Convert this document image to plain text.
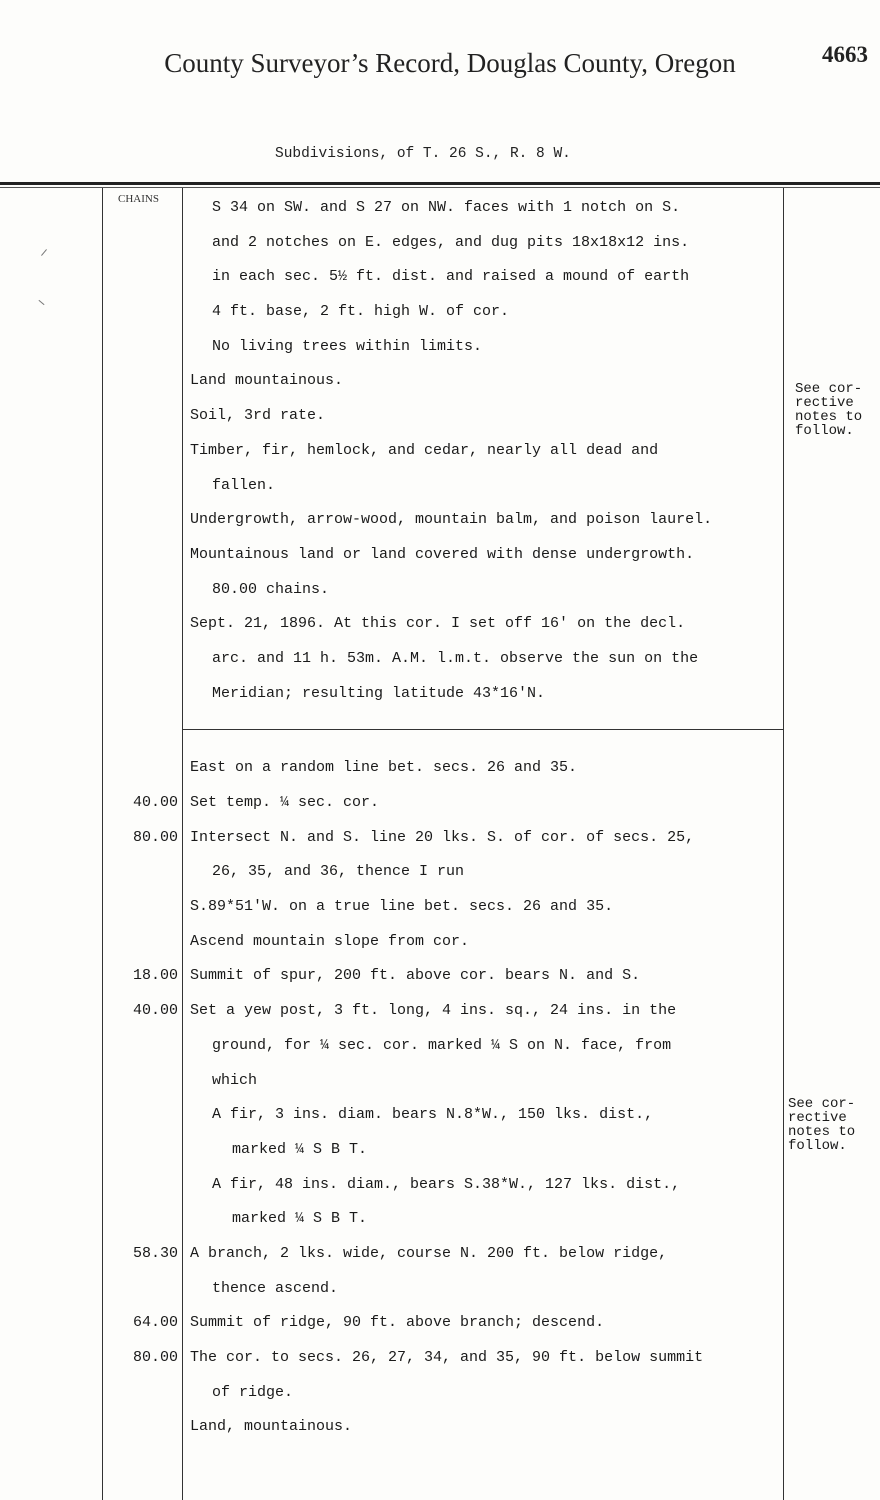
County Surveyor’s Record, Douglas County, Oregon	4663
Subdivisions, of T. 26 S., R. 8 W.
CHAINS	S 34 on SW. and S 27 on NW. faces with 1 notch on S.
and 2 notches on E. edges, and dug pits 18x18x12 ins.
in each sec. 5½ ft. dist. and raised a mound of earth
4 ft. base, 2 ft. high W. of cor.
No living trees within limits.
Land mountainous.
Soil, 3rd rate.
Timber, fir, hemlock, and cedar, nearly all dead and
fallen.
Undergrowth, arrow-wood, mountain balm, and poison laurel.
Mountainous land or land covered with dense undergrowth.
80.00 chains.
Sept. 21, 1896. At this cor. I set off 16' on the decl.
arc. and 11 h. 53m. A.M. l.m.t. observe the sun on the
Meridian; resulting latitude 43*16'N.
East on a random line bet. secs. 26 and 35.
40.00 Set temp. ¼ sec. cor.
80.00 Intersect N. and S. line 20 lks. S. of cor. of secs. 25,
26, 35, and 36, thence I run
S.89*51'W. on a true line bet. secs. 26 and 35.
Ascend mountain slope from cor.
18.00 Summit of spur, 200 ft. above cor. bears N. and S.
40.00 Set a yew post, 3 ft. long, 4 ins. sq., 24 ins. in the
ground, for ¼ sec. cor. marked ¼ S on N. face, from
which
A fir, 3 ins. diam. bears N.8*W., 150 lks. dist.,
marked ¼ S B T.
A fir, 48 ins. diam., bears S.38*W., 127 lks. dist.,
marked ¼ S B T.
58.30 A branch, 2 lks. wide, course N. 200 ft. below ridge,
thence ascend.
64.00 Summit of ridge, 90 ft. above branch; descend.
80.00 The cor. to secs. 26, 27, 34, and 35, 90 ft. below summit
of ridge.
Land, mountainous.
See cor-
rective
notes to
follow.
See cor-
rective
notes to
follow.
